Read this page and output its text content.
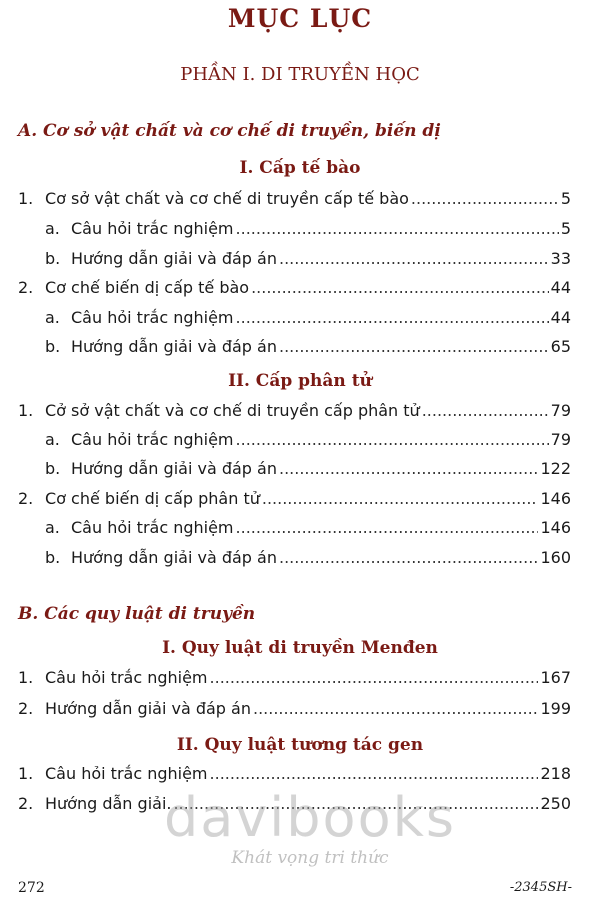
MỤC LỤC
PHẦN I. DI TRUYỀN HỌC
A. Cơ sở vật chất và cơ chế di truyền, biến dị
I. Cấp tế bào
1. Cơ sở vật chất và cơ chế di truyền cấp tế bào .....	5
a. Câu hỏi trắc nghiệm .....	5
b. Hướng dẫn giải và đáp án .....	33
2. Cơ chế biến dị cấp tế bào .....	44
a. Câu hỏi trắc nghiệm .....	44
b. Hướng dẫn giải và đáp án .....	65
II. Cấp phân tử
1. Cở sở vật chất và cơ chế di truyền cấp phân tử .....	79
a. Câu hỏi trắc nghiệm .....	79
b. Hướng dẫn giải và đáp án .....	122
2. Cơ chế biến dị cấp phân tử .....	146
a. Câu hỏi trắc nghiệm .....	146
b. Hướng dẫn giải và đáp án .....	160
B. Các quy luật di truyền
I. Quy luật di truyền Menđen
1. Câu hỏi trắc nghiệm .....	167
2. Hướng dẫn giải và đáp án .....	199
II. Quy luật tương tác gen
1. Câu hỏi trắc nghiệm .....	218
2. Hướng dẫn giải. .....	250
davibooks
Khát vọng tri thức
272	-2345SH-
